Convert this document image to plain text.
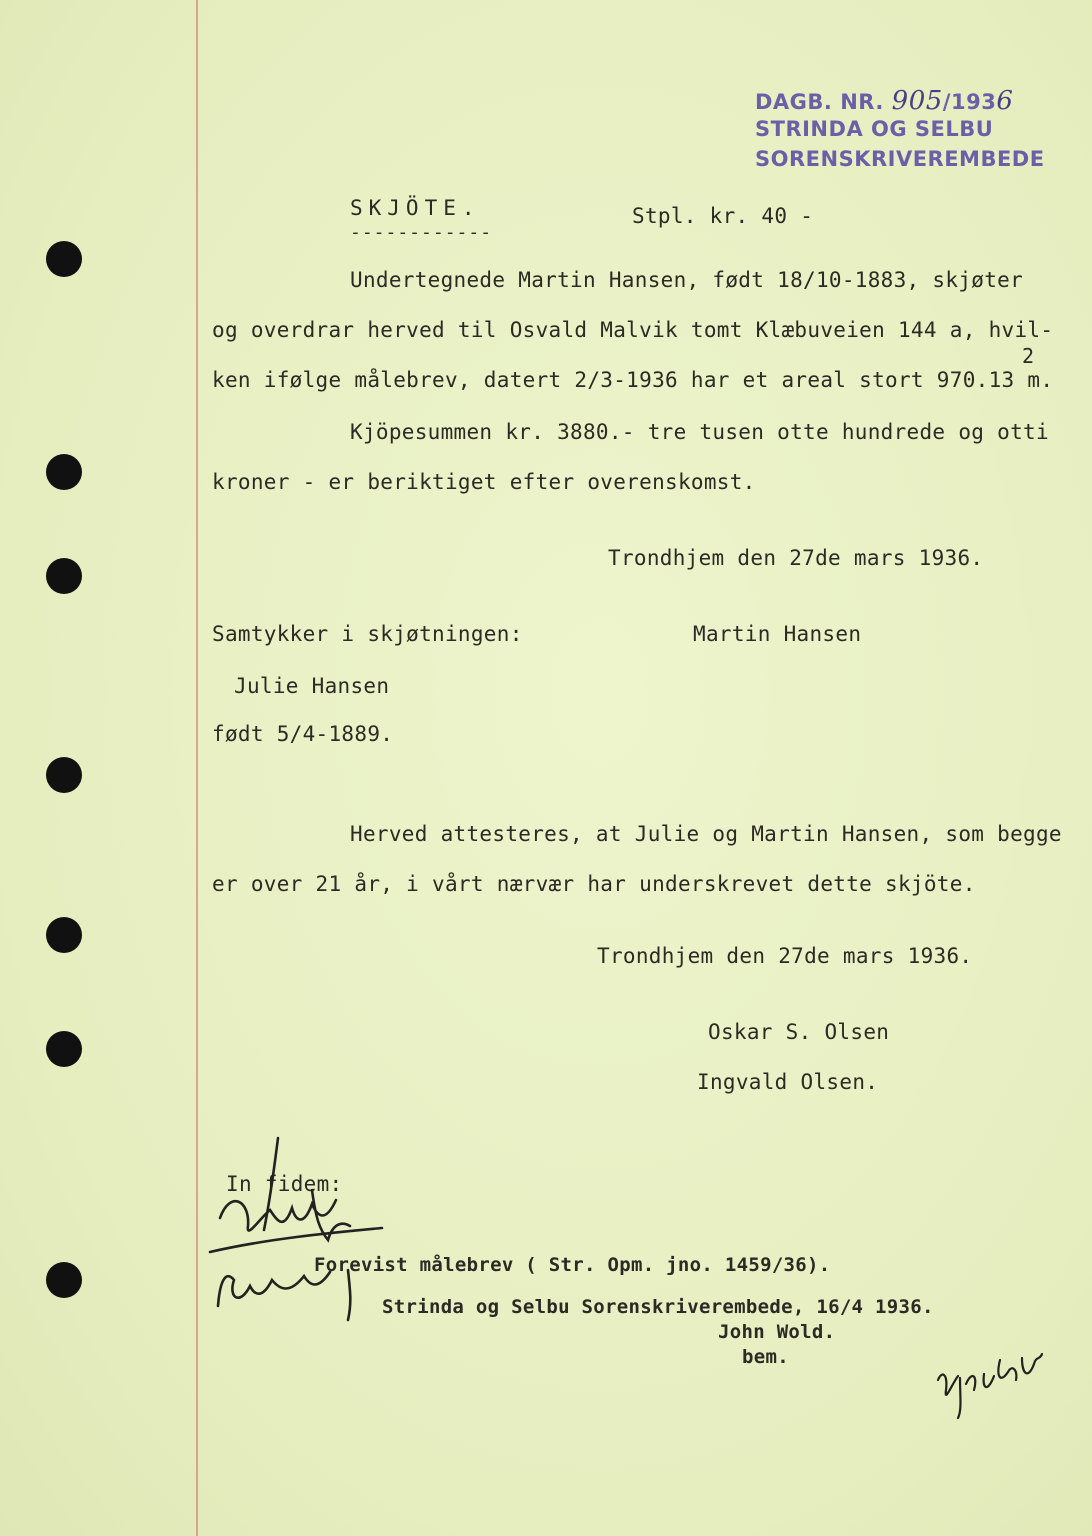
DAGB. NR. 905/1936
STRINDA OG SELBU
SORENSKRIVEREMBEDE
SKJÖTE.
------------
Stpl. kr. 40 -
Undertegnede Martin Hansen, født 18/10-1883, skjøter
og overdrar herved til Osvald Malvik tomt Klæbuveien 144 a, hvil-
2
ken ifølge målebrev, datert 2/3-1936 har et areal stort 970.13 m.
Kjöpesummen kr. 3880.- tre tusen otte hundrede og otti
kroner - er beriktiget efter overenskomst.
Trondhjem den 27de mars 1936.
Samtykker i skjøtningen:	Martin Hansen
Julie Hansen
født 5/4-1889.
Herved attesteres, at Julie og Martin Hansen, som begge
er over 21 år, i vårt nærvær har underskrevet dette skjöte.
Trondhjem den 27de mars 1936.
Oskar S. Olsen
Ingvald Olsen.
In fidem:
Forevist målebrev ( Str. Opm. jno. 1459/36).
Strinda og Selbu Sorenskriverembede, 16/4 1936.
John Wold.
bem.
